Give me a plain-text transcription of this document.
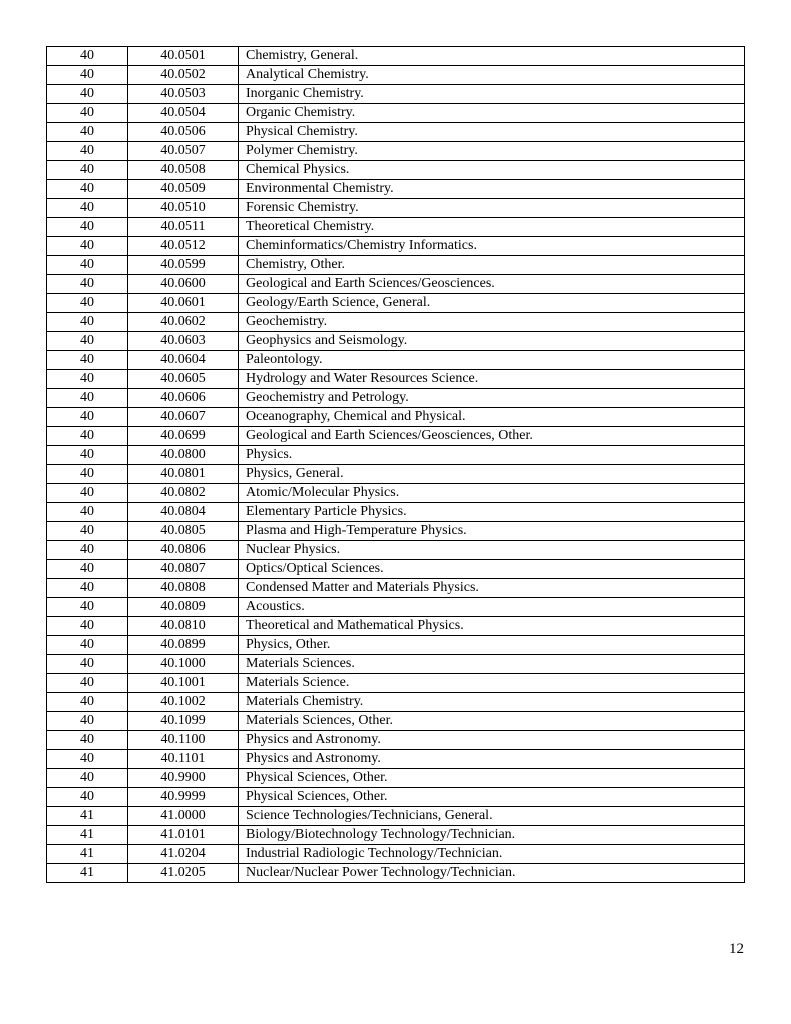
40	40.0501	Chemistry, General.
40	40.0502	Analytical Chemistry.
40	40.0503	Inorganic Chemistry.
40	40.0504	Organic Chemistry.
40	40.0506	Physical Chemistry.
40	40.0507	Polymer Chemistry.
40	40.0508	Chemical Physics.
40	40.0509	Environmental Chemistry.
40	40.0510	Forensic Chemistry.
40	40.0511	Theoretical Chemistry.
40	40.0512	Cheminformatics/Chemistry Informatics.
40	40.0599	Chemistry, Other.
40	40.0600	Geological and Earth Sciences/Geosciences.
40	40.0601	Geology/Earth Science, General.
40	40.0602	Geochemistry.
40	40.0603	Geophysics and Seismology.
40	40.0604	Paleontology.
40	40.0605	Hydrology and Water Resources Science.
40	40.0606	Geochemistry and Petrology.
40	40.0607	Oceanography, Chemical and Physical.
40	40.0699	Geological and Earth Sciences/Geosciences, Other.
40	40.0800	Physics.
40	40.0801	Physics, General.
40	40.0802	Atomic/Molecular Physics.
40	40.0804	Elementary Particle Physics.
40	40.0805	Plasma and High-Temperature Physics.
40	40.0806	Nuclear Physics.
40	40.0807	Optics/Optical Sciences.
40	40.0808	Condensed Matter and Materials Physics.
40	40.0809	Acoustics.
40	40.0810	Theoretical and Mathematical Physics.
40	40.0899	Physics, Other.
40	40.1000	Materials Sciences.
40	40.1001	Materials Science.
40	40.1002	Materials Chemistry.
40	40.1099	Materials Sciences, Other.
40	40.1100	Physics and Astronomy.
40	40.1101	Physics and Astronomy.
40	40.9900	Physical Sciences, Other.
40	40.9999	Physical Sciences, Other.
41	41.0000	Science Technologies/Technicians, General.
41	41.0101	Biology/Biotechnology Technology/Technician.
41	41.0204	Industrial Radiologic Technology/Technician.
41	41.0205	Nuclear/Nuclear Power Technology/Technician.
12
